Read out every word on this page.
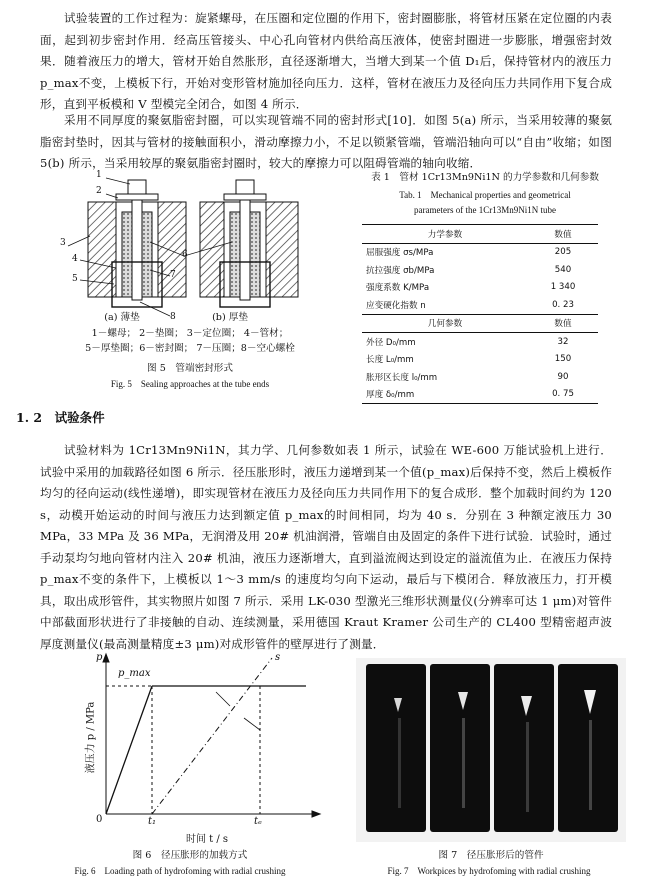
试验装置的工作过程为：旋紧螺母，在压圈和定位圈的作用下，密封圈膨胀，将管材压紧在定位圈的内表面，起到初步密封作用．经高压管接头、中心孔向管材内供给高压液体，使密封圈进一步膨胀，增强密封效果．随着液压力的增大，管材开始自然胀形，直径逐渐增大，当增大到某一个值 D₁后，保持管材内的液压力 p_max不变，上模板下行，开始对变形管材施加径向压力．这样，管材在液压力及径向压力共同作用下复合成形，直到平板模和 V 型模完全闭合，如图 4 所示．
采用不同厚度的聚氨脂密封圈，可以实现管端不同的密封形式[10]．如图 5(a) 所示，当采用较薄的聚氨脂密封垫时，因其与管材的接触面积小，滑动摩擦力小，不足以锁紧管端，管端沿轴向可以“自由”收缩；如图 5(b) 所示，当采用较厚的聚氨脂密封圈时，较大的摩擦力可以阻碍管端的轴向收缩．
1
2
3
4
5
6
7
8
(a) 薄垫	(b) 厚垫
1－螺母； 2－垫圈； 3－定位圈； 4－管材；
5－厚垫圈；6－密封圈； 7－压圈；8－空心螺栓
图 5　管端密封形式
Fig. 5　Sealing approaches at the tube ends
表 1　管材 1Cr13Mn9Ni1N 的力学参数和几何参数
Tab. 1　Mechanical properties and geometrical
parameters of the 1Cr13Mn9Ni1N tube
力学参数	数值
屈服强度 σs/MPa	205
抗拉强度 σb/MPa	540
强度系数 K/MPa	1 340
应变硬化指数 n	0. 23
几何参数	数值
外径 D₀/mm	32
长度 L₀/mm	150
胀形区长度 l₀/mm	90
厚度 δ₀/mm	0. 75
1. 2　试验条件
试验材料为 1Cr13Mn9Ni1N，其力学、几何参数如表 1 所示，试验在 WE-600 万能试验机上进行．试验中采用的加载路径如图 6 所示．径压胀形时，液压力递增到某一个值(p_max)后保持不变，然后上模板作均匀的径向运动(线性递增)，即实现管材在液压力及径向压力共同作用下的复合成形．整个加载时间约为 120 s，动模开始运动的时间与液压力达到额定值 p_max的时间相同，均为 40 s．分别在 3 种额定液压力 30 MPa，33 MPa 及 36 MPa，无润滑及用 20# 机油润滑，管端自由及固定的条件下进行试验．试验时，通过手动泵均匀地向管材内注入 20# 机油，液压力逐渐增大，直到溢流阀达到设定的溢流值为止．在液压力保持 p_max不变的条件下，上模板以 1～3 mm/s 的速度均匀向下运动，最后与下模闭合．释放液压力，打开模具，取出成形管件，其实物照片如图 7 所示．采用 LK-030 型激光三维形状测量仪(分辨率可达 1 μm)对管件中部截面形状进行了非接触的自动、连续测量，采用德国 Kraut Kramer 公司生产的 CL400 型精密超声波厚度测量仪(最高测量精度±3 μm)对成形管件的壁厚进行了测量．
p	s
p_max
0	t₁	tₑ
时间 t / s
液压力 p / MPa
图 6　径压胀形的加载方式
Fig. 6　Loading path of hydrofoming with radial crushing
图 7　径压胀形后的管件
Fig. 7　Workpices by hydrofoming with radial crushing
